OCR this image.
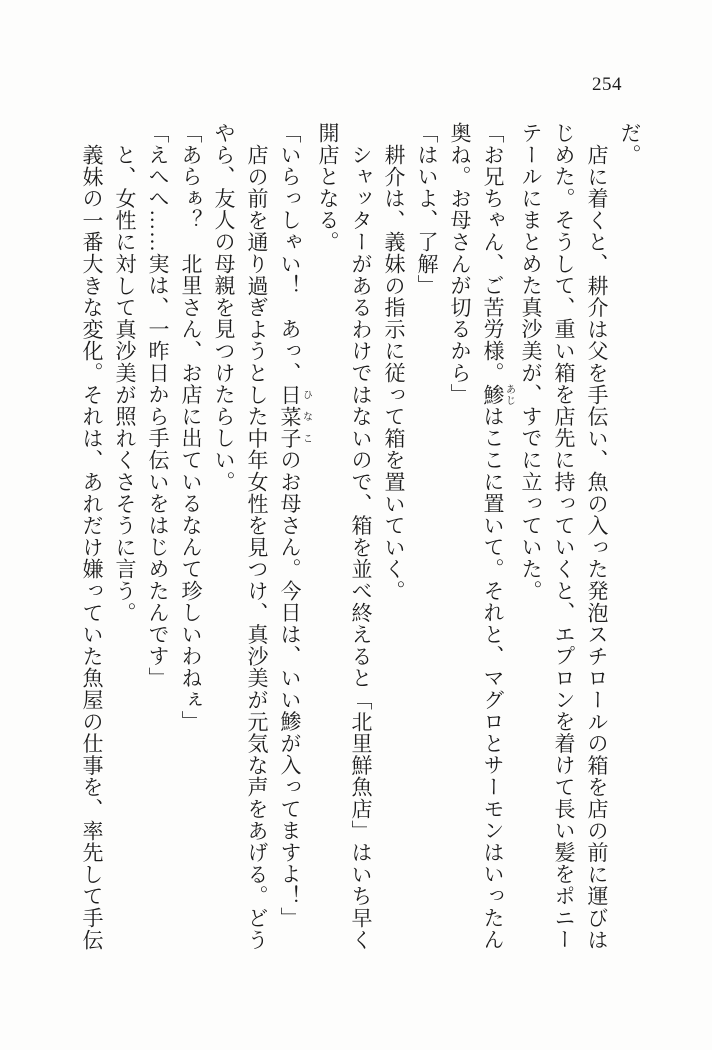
254

だ。

店に着くと、耕介は父を手伝い、魚の入った発泡スチロールの箱を店の前に運びはじめた。そうして、重い箱を店先に持っていくと、エプロンを着けて長い髪をポニーテールにまとめた真沙美が、すでに立っていた。

「お兄ちゃん、ご苦労様。鯵あじはここに置いて。それと、マグロとサーモンはいったん奥ね。お母さんが切るから」

「はいよ、了解」

耕介は、義妹の指示に従って箱を置いていく。

シャッターがあるわけではないので、箱を並べ終えると「北里鮮魚店」はいち早く開店となる。

「いらっしゃい！　あっ、日菜子ひなこのお母さん。今日は、いい鯵が入ってますよ！」

店の前を通り過ぎようとした中年女性を見つけ、真沙美が元気な声をあげる。どうやら、友人の母親を見つけたらしい。

「あらぁ？　北里さん、お店に出ているなんて珍しいわねぇ」

「えへへ……実は、一昨日から手伝いをはじめたんです」

と、女性に対して真沙美が照れくさそうに言う。

義妹の一番大きな変化。それは、あれだけ嫌っていた魚屋の仕事を、率先して手伝
